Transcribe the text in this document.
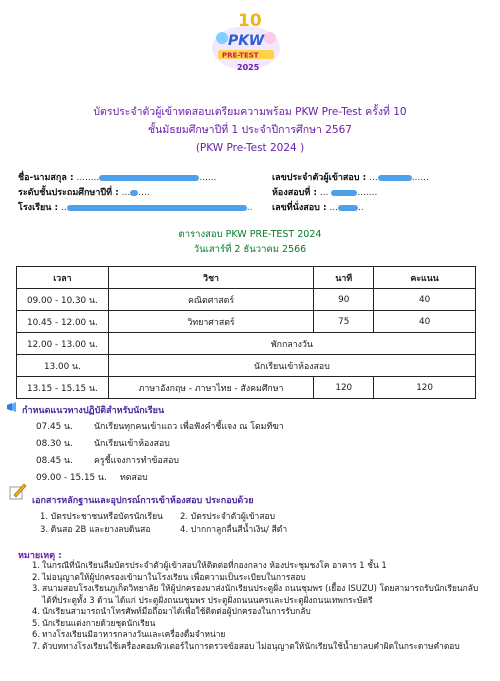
10
PKW
PRE-TEST
2025
บัตรประจำตัวผู้เข้าทดสอบเตรียมความพร้อม PKW Pre-Test ครั้งที่ 10
ชั้นมัธยมศึกษาปีที่ 1 ประจำปีการศึกษา 2567
(PKW Pre-Test 2024 )
ชื่อ-นามสกุล : ........	......
ระดับชั้นประถมศึกษาปีที่ : ... ....
โรงเรียน : ..	..
เลขประจำตัวผู้เข้าสอบ : ...	......
ห้องสอบที่ : ...	.......
เลขที่นั่งสอบ : ... ..
ตารางสอบ PKW PRE-TEST 2024
วันเสาร์ที่ 2 ธันวาคม 2566
เวลา	วิชา	นาที	คะแนน
09.00 - 10.30 น.	คณิตศาสตร์	90	40
10.45 - 12.00 น.	วิทยาศาสตร์	75	40
12.00 - 13.00 น.	พักกลางวัน		
13.00 น.	นักเรียนเข้าห้องสอบ		
13.15 - 15.15 น.	ภาษาอังกฤษ - ภาษาไทย - สังคมศึกษา	120	120
กำหนดแนวทางปฏิบัติสำหรับนักเรียน
07.45 น. นักเรียนทุกคนเข้าแถว เพื่อฟังคำชี้แจง ณ โดมทีฆา
08.30 น. นักเรียนเข้าห้องสอบ
08.45 น. ครูชี้แจงการทำข้อสอบ
09.00 - 15.15 น. ทดสอบ
เอกสารหลักฐานและอุปกรณ์การเข้าห้องสอบ ประกอบด้วย
1. บัตรประชาชนหรือบัตรนักเรียน 2. บัตรประจำตัวผู้เข้าสอบ
3. ดินสอ 2B และยางลบดินสอ	4. ปากกาลูกลื่นสีน้ำเงิน/ สีดำ
หมายเหตุ :
1. ในกรณีที่นักเรียนลืมบัตรประจำตัวผู้เข้าสอบให้ติดต่อที่กองกลาง ห้องประชุมชงโค อาคาร 1 ชั้น 1
2. ไม่อนุญาตให้ผู้ปกครองเข้ามาในโรงเรียน เพื่อความเป็นระเบียบในการสอบ
3. สนามสอบโรงเรียนภูเก็ตวิทยาลัย ให้ผู้ปกครองมาส่งนักเรียนประตูฝั่ง ถนนชุมพร (เยื้อง ISUZU) โดยสามารถรับนักเรียนกลับได้ที่ประตูทั้ง 3 ด้าน ได้แก่ ประตูฝั่งถนนชุมพร ประตูฝั่งถนนนครและประตูฝั่งถนนเทพกระษัตรี
4. นักเรียนสามารถนำโทรศัพท์มือถือมาได้เพื่อใช้ติดต่อผู้ปกครองในการรับกลับ
5. นักเรียนแต่งกายด้วยชุดนักเรียน
6. ทางโรงเรียนมีอาหารกลางวันและเครื่องดื่มจำหน่าย
7. ตัวบททางโรงเรียนใช้เครื่องคอมพิวเตอร์ในการตรวจข้อสอบ ไม่อนุญาตให้นักเรียนใช้น้ำยาลบคำผิดในกระดาษคำตอบ
